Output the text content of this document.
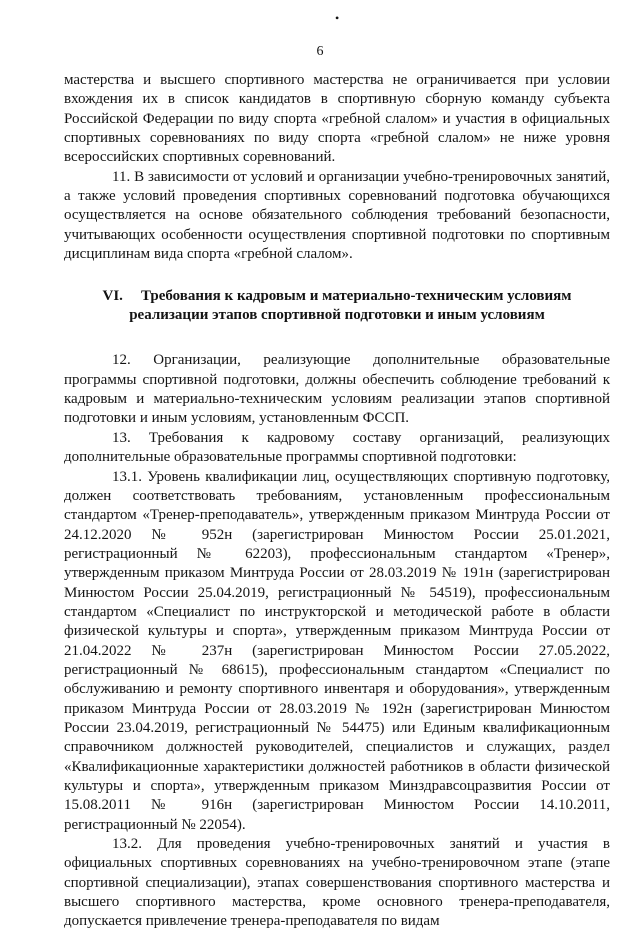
•
6

мастерства и высшего спортивного мастерства не ограничивается при условии вхождения их в список кандидатов в спортивную сборную команду субъекта Российской Федерации по виду спорта «гребной слалом» и участия в официальных спортивных соревнованиях по виду спорта «гребной слалом» не ниже уровня всероссийских спортивных соревнований.

11. В зависимости от условий и организации учебно-тренировочных занятий, а также условий проведения спортивных соревнований подготовка обучающихся осуществляется на основе обязательного соблюдения требований безопасности, учитывающих особенности осуществления спортивной подготовки по спортивным дисциплинам вида спорта «гребной слалом».

VI. Требования к кадровым и материально-техническим условиям реализации этапов спортивной подготовки и иным условиям

12. Организации, реализующие дополнительные образовательные программы спортивной подготовки, должны обеспечить соблюдение требований к кадровым и материально-техническим условиям реализации этапов спортивной подготовки и иным условиям, установленным ФССП.

13. Требования к кадровому составу организаций, реализующих дополнительные образовательные программы спортивной подготовки:

13.1. Уровень квалификации лиц, осуществляющих спортивную подготовку, должен соответствовать требованиям, установленным профессиональным стандартом «Тренер-преподаватель», утвержденным приказом Минтруда России от 24.12.2020 № 952н (зарегистрирован Минюстом России 25.01.2021, регистрационный № 62203), профессиональным стандартом «Тренер», утвержденным приказом Минтруда России от 28.03.2019 № 191н (зарегистрирован Минюстом России 25.04.2019, регистрационный № 54519), профессиональным стандартом «Специалист по инструкторской и методической работе в области физической культуры и спорта», утвержденным приказом Минтруда России от 21.04.2022 № 237н (зарегистрирован Минюстом России 27.05.2022, регистрационный № 68615), профессиональным стандартом «Специалист по обслуживанию и ремонту спортивного инвентаря и оборудования», утвержденным приказом Минтруда России от 28.03.2019 № 192н (зарегистрирован Минюстом России 23.04.2019, регистрационный № 54475) или Единым квалификационным справочником должностей руководителей, специалистов и служащих, раздел «Квалификационные характеристики должностей работников в области физической культуры и спорта», утвержденным приказом Минздравсоцразвития России от 15.08.2011 № 916н (зарегистрирован Минюстом России 14.10.2011, регистрационный № 22054).

13.2. Для проведения учебно-тренировочных занятий и участия в официальных спортивных соревнованиях на учебно-тренировочном этапе (этапе спортивной специализации), этапах совершенствования спортивного мастерства и высшего спортивного мастерства, кроме основного тренера-преподавателя, допускается привлечение тренера-преподавателя по видам
